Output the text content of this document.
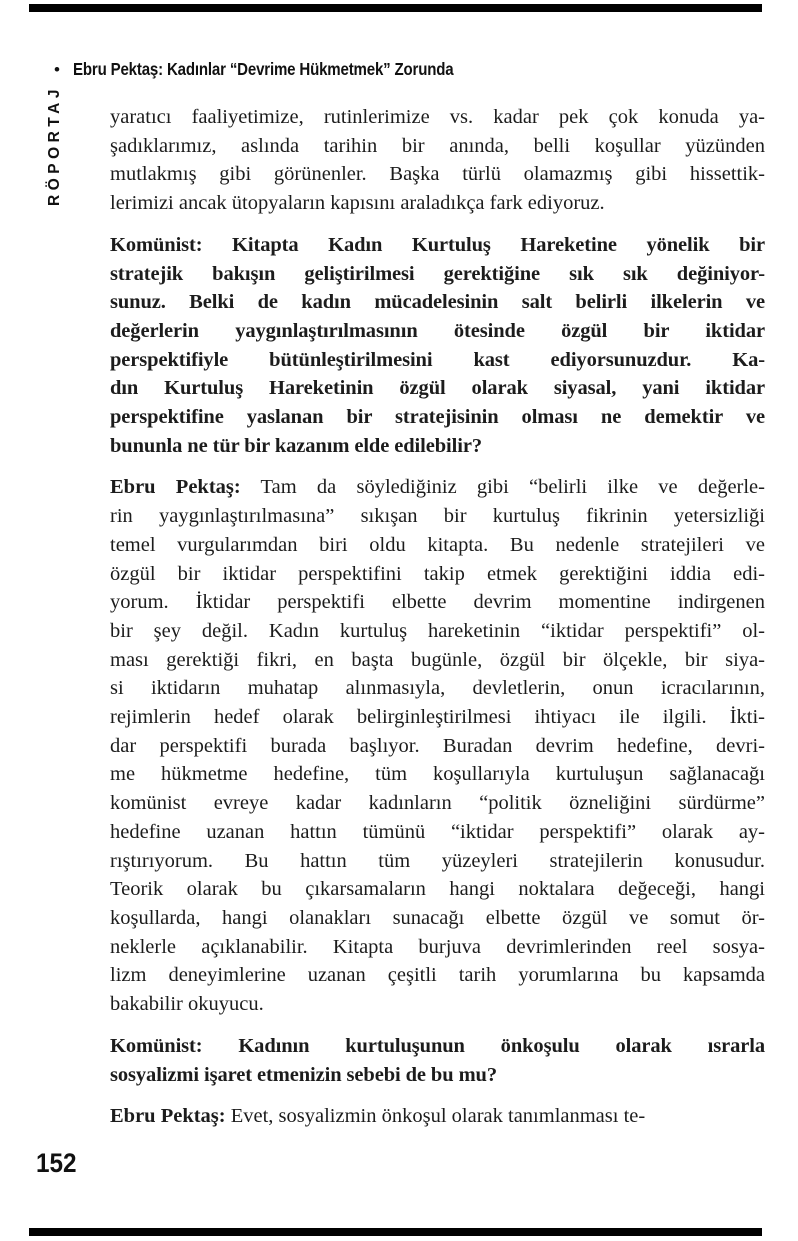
• Ebru Pektaş: Kadınlar “Devrime Hükmetmek” Zorunda
RÖPORTAJ yaratıcı faaliyetimize, rutinlerimize vs. kadar pek çok konuda ya-
şadıklarımız, aslında tarihin bir anında, belli koşullar yüzünden
mutlakmış gibi görünenler. Başka türlü olamazmış gibi hissettik-
lerimizi ancak ütopyaların kapısını araladıkça fark ediyoruz.

Komünist: Kitapta Kadın Kurtuluş Hareketine yönelik bir
stratejik bakışın geliştirilmesi gerektiğine sık sık değiniyor-
sunuz. Belki de kadın mücadelesinin salt belirli ilkelerin ve
değerlerin yaygınlaştırılmasının ötesinde özgül bir iktidar
perspektifiyle bütünleştirilmesini kast ediyorsunuzdur. Ka-
dın Kurtuluş Hareketinin özgül olarak siyasal, yani iktidar
perspektifine yaslanan bir stratejisinin olması ne demektir ve
bununla ne tür bir kazanım elde edilebilir?

Ebru Pektaş: Tam da söylediğiniz gibi “belirli ilke ve değerle-
rin yaygınlaştırılmasına” sıkışan bir kurtuluş fikrinin yetersizliği
temel vurgularımdan biri oldu kitapta. Bu nedenle stratejileri ve
özgül bir iktidar perspektifini takip etmek gerektiğini iddia edi-
yorum. İktidar perspektifi elbette devrim momentine indirgenen
bir şey değil. Kadın kurtuluş hareketinin “iktidar perspektifi” ol-
ması gerektiği fikri, en başta bugünle, özgül bir ölçekle, bir siya-
si iktidarın muhatap alınmasıyla, devletlerin, onun icracılarının,
rejimlerin hedef olarak belirginleştirilmesi ihtiyacı ile ilgili. İkti-
dar perspektifi burada başlıyor. Buradan devrim hedefine, devri-
me hükmetme hedefine, tüm koşullarıyla kurtuluşun sağlanacağı
komünist evreye kadar kadınların “politik özneliğini sürdürme”
hedefine uzanan hattın tümünü “iktidar perspektifi” olarak ay-
rıştırıyorum. Bu hattın tüm yüzeyleri stratejilerin konusudur.
Teorik olarak bu çıkarsamaların hangi noktalara değeceği, hangi
koşullarda, hangi olanakları sunacağı elbette özgül ve somut ör-
neklerle açıklanabilir. Kitapta burjuva devrimlerinden reel sosya-
lizm deneyimlerine uzanan çeşitli tarih yorumlarına bu kapsamda
bakabilir okuyucu.

Komünist: Kadının kurtuluşunun önkoşulu olarak ısrarla
sosyalizmi işaret etmenizin sebebi de bu mu?

Ebru Pektaş: Evet, sosyalizmin önkoşul olarak tanımlanması te-

152
